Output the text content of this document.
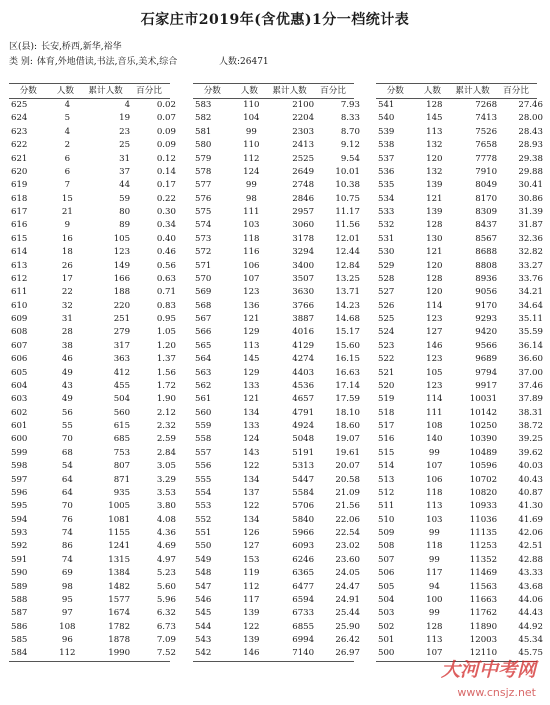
石家庄市2019年(含优惠)1分一档统计表
区(县): 长安,桥西,新华,裕华
类 别: 体育,外地借读,书法,音乐,美术,综合	人数:26471
分数	人数	累计人数	百分比
625	4	4	0.02
624	5	19	0.07
623	4	23	0.09
622	2	25	0.09
621	6	31	0.12
620	6	37	0.14
619	7	44	0.17
618	15	59	0.22
617	21	80	0.30
616	9	89	0.34
615	16	105	0.40
614	18	123	0.46
613	26	149	0.56
612	17	166	0.63
611	22	188	0.71
610	32	220	0.83
609	31	251	0.95
608	28	279	1.05
607	38	317	1.20
606	46	363	1.37
605	49	412	1.56
604	43	455	1.72
603	49	504	1.90
602	56	560	2.12
601	55	615	2.32
600	70	685	2.59
599	68	753	2.84
598	54	807	3.05
597	64	871	3.29
596	64	935	3.53
595	70	1005	3.80
594	76	1081	4.08
593	74	1155	4.36
592	86	1241	4.69
591	74	1315	4.97
590	69	1384	5.23
589	98	1482	5.60
588	95	1577	5.96
587	97	1674	6.32
586	108	1782	6.73
585	96	1878	7.09
584	112	1990	7.52
分数	人数	累计人数	百分比
583	110	2100	7.93
582	104	2204	8.33
581	99	2303	8.70
580	110	2413	9.12
579	112	2525	9.54
578	124	2649	10.01
577	99	2748	10.38
576	98	2846	10.75
575	111	2957	11.17
574	103	3060	11.56
573	118	3178	12.01
572	116	3294	12.44
571	106	3400	12.84
570	107	3507	13.25
569	123	3630	13.71
568	136	3766	14.23
567	121	3887	14.68
566	129	4016	15.17
565	113	4129	15.60
564	145	4274	16.15
563	129	4403	16.63
562	133	4536	17.14
561	121	4657	17.59
560	134	4791	18.10
559	133	4924	18.60
558	124	5048	19.07
557	143	5191	19.61
556	122	5313	20.07
555	134	5447	20.58
554	137	5584	21.09
553	122	5706	21.56
552	134	5840	22.06
551	126	5966	22.54
550	127	6093	23.02
549	153	6246	23.60
548	119	6365	24.05
547	112	6477	24.47
546	117	6594	24.91
545	139	6733	25.44
544	122	6855	25.90
543	139	6994	26.42
542	146	7140	26.97
分数	人数	累计人数	百分比
541	128	7268	27.46
540	145	7413	28.00
539	113	7526	28.43
538	132	7658	28.93
537	120	7778	29.38
536	132	7910	29.88
535	139	8049	30.41
534	121	8170	30.86
533	139	8309	31.39
532	128	8437	31.87
531	130	8567	32.36
530	121	8688	32.82
529	120	8808	33.27
528	128	8936	33.76
527	120	9056	34.21
526	114	9170	34.64
525	123	9293	35.11
524	127	9420	35.59
523	146	9566	36.14
522	123	9689	36.60
521	105	9794	37.00
520	123	9917	37.46
519	114	10031	37.89
518	111	10142	38.31
517	108	10250	38.72
516	140	10390	39.25
515	99	10489	39.62
514	107	10596	40.03
513	106	10702	40.43
512	118	10820	40.87
511	113	10933	41.30
510	103	11036	41.69
509	99	11135	42.06
508	118	11253	42.51
507	99	11352	42.88
506	117	11469	43.33
505	94	11563	43.68
504	100	11663	44.06
503	99	11762	44.43
502	128	11890	44.92
501	113	12003	45.34
500	107	12110	45.75
大河中考网
www.cnsjz.net
